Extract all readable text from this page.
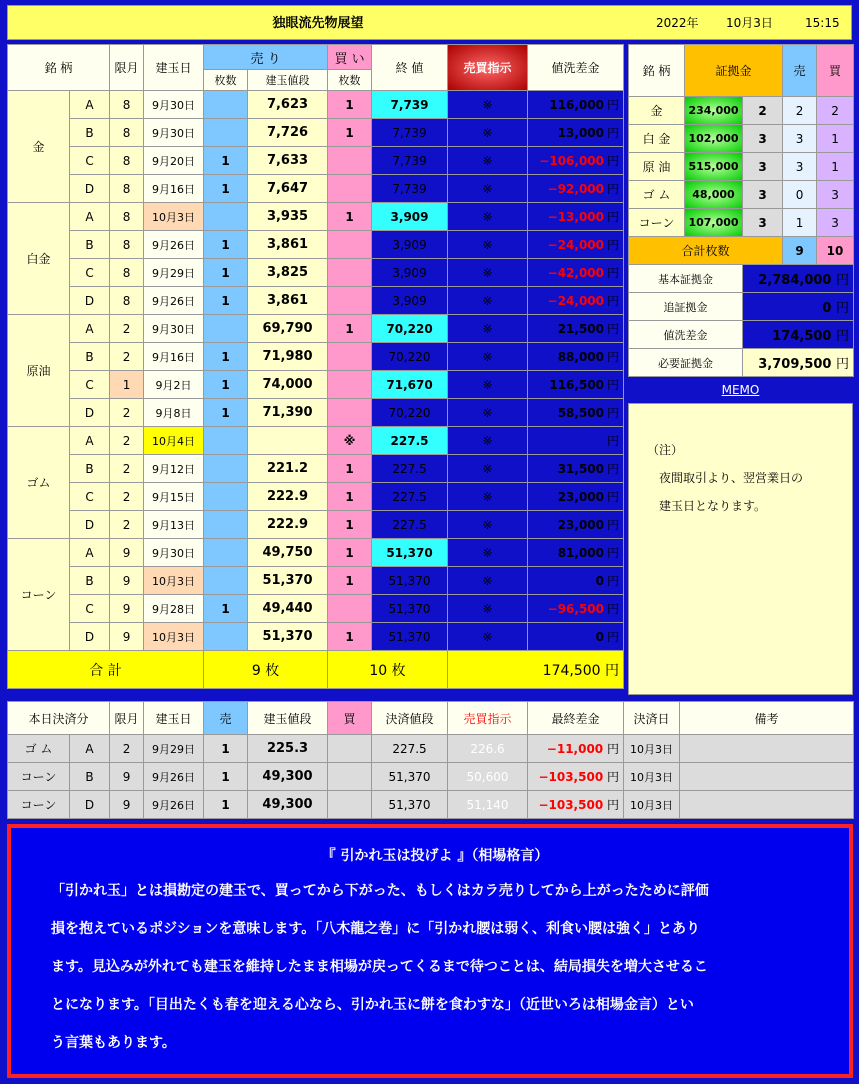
独眼流先物展望	2022年 10月3日	15:15
銘 柄		限月	建玉日	売 り		買 い	終 値	売買指示	値洗差金
				枚数	建玉値段	枚数			
金	A	8	9月30日		7,623	1	7,739	※	116,000 円
	B	8	9月30日		7,726	1	7,739	※	13,000 円
	C	8	9月20日	1	7,633		7,739	※	−106,000 円
	D	8	9月16日	1	7,647		7,739	※	−92,000 円
白金	A	8	10月3日		3,935	1	3,909	※	−13,000 円
	B	8	9月26日	1	3,861		3,909	※	−24,000 円
	C	8	9月29日	1	3,825		3,909	※	−42,000 円
	D	8	9月26日	1	3,861		3,909	※	−24,000 円
原油	A	2	9月30日		69,790	1	70,220	※	21,500 円
	B	2	9月16日	1	71,980		70,220	※	88,000 円
	C	1	9月2日	1	74,000		71,670	※	116,500 円
	D	2	9月8日	1	71,390		70,220	※	58,500 円
ゴム	A	2	10月4日			※	227.5	※	円
	B	2	9月12日		221.2	1	227.5	※	31,500 円
	C	2	9月15日		222.9	1	227.5	※	23,000 円
	D	2	9月13日		222.9	1	227.5	※	23,000 円
コーン	A	9	9月30日		49,750	1	51,370	※	81,000 円
	B	9	10月3日		51,370	1	51,370	※	0 円
	C	9	9月28日	1	49,440		51,370	※	−96,500 円
	D	9	10月3日		51,370	1	51,370	※	0 円
合 計				9 枚		10 枚		174,500 円	
銘 柄	証拠金		売	買
金	234,000	2	2	2
白 金	102,000	3	3	1
原 油	515,000	3	3	1
ゴ ム	48,000	3	0	3
コーン	107,000	3	1	3
合計枚数			9	10
基本証拠金		2,784,000 円		
追証拠金		0 円		
値洗差金		174,500 円		
必要証拠金		3,709,500 円		
MEMO

（注）

　夜間取引より、翌営業日の

　建玉日となります。

本日決済分		限月	建玉日	売	建玉値段	買	決済値段	売買指示	最終差金	決済日	備考
ゴ ム	A	2	9月29日	1	225.3		227.5	226.6	−11,000 円	10月3日	
コーン	B	9	9月26日	1	49,300		51,370	50,600	−103,500 円	10月3日	
コーン	D	9	9月26日	1	49,300		51,370	51,140	−103,500 円	10月3日	
『 引かれ玉は投げよ 』（相場格言）
「引かれ玉」とは損勘定の建玉で、買ってから下がった、もしくはカラ売りしてから上がったために評価
損を抱えているポジションを意味します。「八木龍之巻」に「引かれ腰は弱く、利食い腰は強く」とあり
ます。見込みが外れても建玉を維持したまま相場が戻ってくるまで待つことは、結局損失を増大させるこ
とになります。「目出たくも春を迎える心なら、引かれ玉に餅を食わすな」（近世いろは相場金言）とい
う言葉もあります。
